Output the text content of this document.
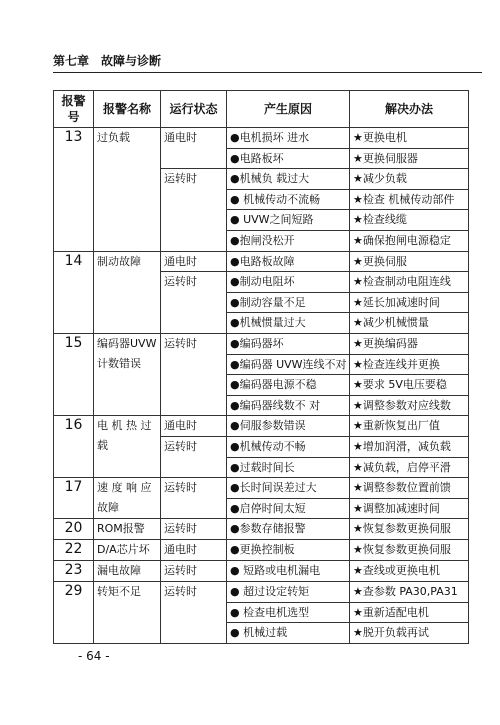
第七章　故障与诊断
报警号	报警名称	运行状态	产生原因	解决办法
13	过负载	通电时	●电机损坏 进水	★更换电机
			●电路板坏	★更换伺服器
		运转时	●机械负 载过大	★减少负载
			● 机械传动不流畅	★检查 机械传动部件
			● UVW之间短路	★检查线缆
			●抱闸没松开	★确保抱闸电源稳定
14	制动故障	通电时	●电路板故障	★更换伺服
		运转时	●制动电阻坏	★检查制动电阻连线
			●制动容量不足	★延长加减速时间
			●机械惯量过大	★减少机械惯量
15	编码器UVW计数错误	运转时	●编码器坏	★更换编码器
			●编码器 UVW连线不对	★检查连线并更换
			●编码器电源不稳	★要求 5V电压要稳
			●编码器线数不 对	★调整参数对应线数
16	电 机 热 过载	通电时	●伺服参数错误	★重新恢复出厂值
		运转时	●机械传动不畅	★增加润滑，减负载
			●过载时间长	★减负载，启停平滑
17	速 度 响 应故障	运转时	●长时间误差过大	★调整参数位置前馈
			●启停时间太短	★调整加减速时间
20	ROM报警	运转时	●参数存储报警	★恢复参数更换伺服
22	D/A芯片坏	通电时	●更换控制板	★恢复参数更换伺服
23	漏电故障	运转时	● 短路或电机漏电	★查线或更换电机
29	转矩不足	运转时	● 超过设定转矩	★查参数 PA30,PA31
			● 检查电机选型	★重新适配电机
			● 机械过载	★脱开负载再试
- 64 -
